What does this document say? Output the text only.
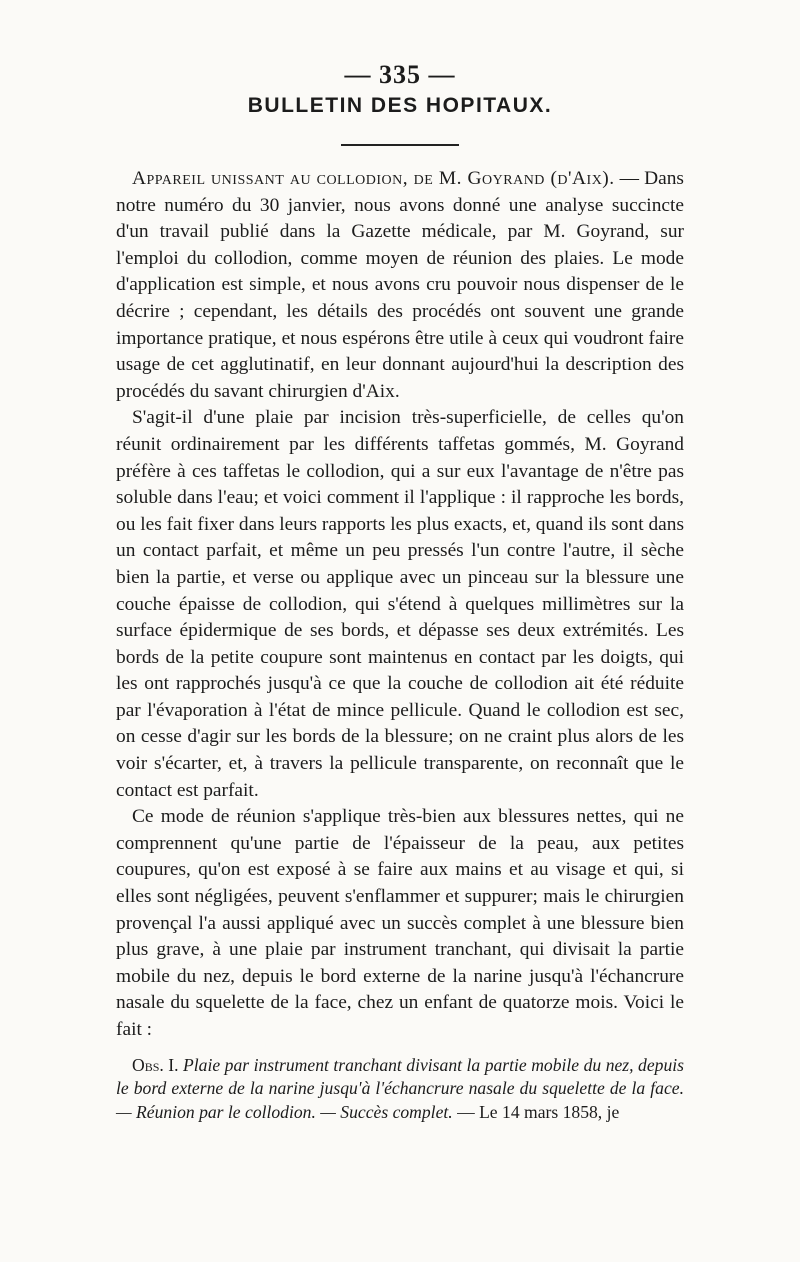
— 335 —
BULLETIN DES HOPITAUX.

Appareil unissant au collodion, de M. Goyrand (d'Aix). — Dans notre numéro du 30 janvier, nous avons donné une analyse succincte d'un travail publié dans la Gazette médicale, par M. Goyrand, sur l'emploi du collodion, comme moyen de réunion des plaies. Le mode d'application est simple, et nous avons cru pouvoir nous dispenser de le décrire ; cependant, les détails des procédés ont souvent une grande importance pratique, et nous espérons être utile à ceux qui voudront faire usage de cet agglutinatif, en leur donnant aujourd'hui la description des procédés du savant chirurgien d'Aix.

S'agit-il d'une plaie par incision très-superficielle, de celles qu'on réunit ordinairement par les différents taffetas gommés, M. Goyrand préfère à ces taffetas le collodion, qui a sur eux l'avantage de n'être pas soluble dans l'eau; et voici comment il l'applique : il rapproche les bords, ou les fait fixer dans leurs rapports les plus exacts, et, quand ils sont dans un contact parfait, et même un peu pressés l'un contre l'autre, il sèche bien la partie, et verse ou applique avec un pinceau sur la blessure une couche épaisse de collodion, qui s'étend à quelques millimètres sur la surface épidermique de ses bords, et dépasse ses deux extrémités. Les bords de la petite coupure sont maintenus en contact par les doigts, qui les ont rapprochés jusqu'à ce que la couche de collodion ait été réduite par l'évaporation à l'état de mince pellicule. Quand le collodion est sec, on cesse d'agir sur les bords de la blessure; on ne craint plus alors de les voir s'écarter, et, à travers la pellicule transparente, on reconnaît que le contact est parfait.

Ce mode de réunion s'applique très-bien aux blessures nettes, qui ne comprennent qu'une partie de l'épaisseur de la peau, aux petites coupures, qu'on est exposé à se faire aux mains et au visage et qui, si elles sont négligées, peuvent s'enflammer et suppurer; mais le chirurgien provençal l'a aussi appliqué avec un succès complet à une blessure bien plus grave, à une plaie par instrument tranchant, qui divisait la partie mobile du nez, depuis le bord externe de la narine jusqu'à l'échancrure nasale du squelette de la face, chez un enfant de quatorze mois. Voici le fait :

Obs. I. Plaie par instrument tranchant divisant la partie mobile du nez, depuis le bord externe de la narine jusqu'à l'échancrure nasale du squelette de la face. — Réunion par le collodion. — Succès complet. — Le 14 mars 1858, je
